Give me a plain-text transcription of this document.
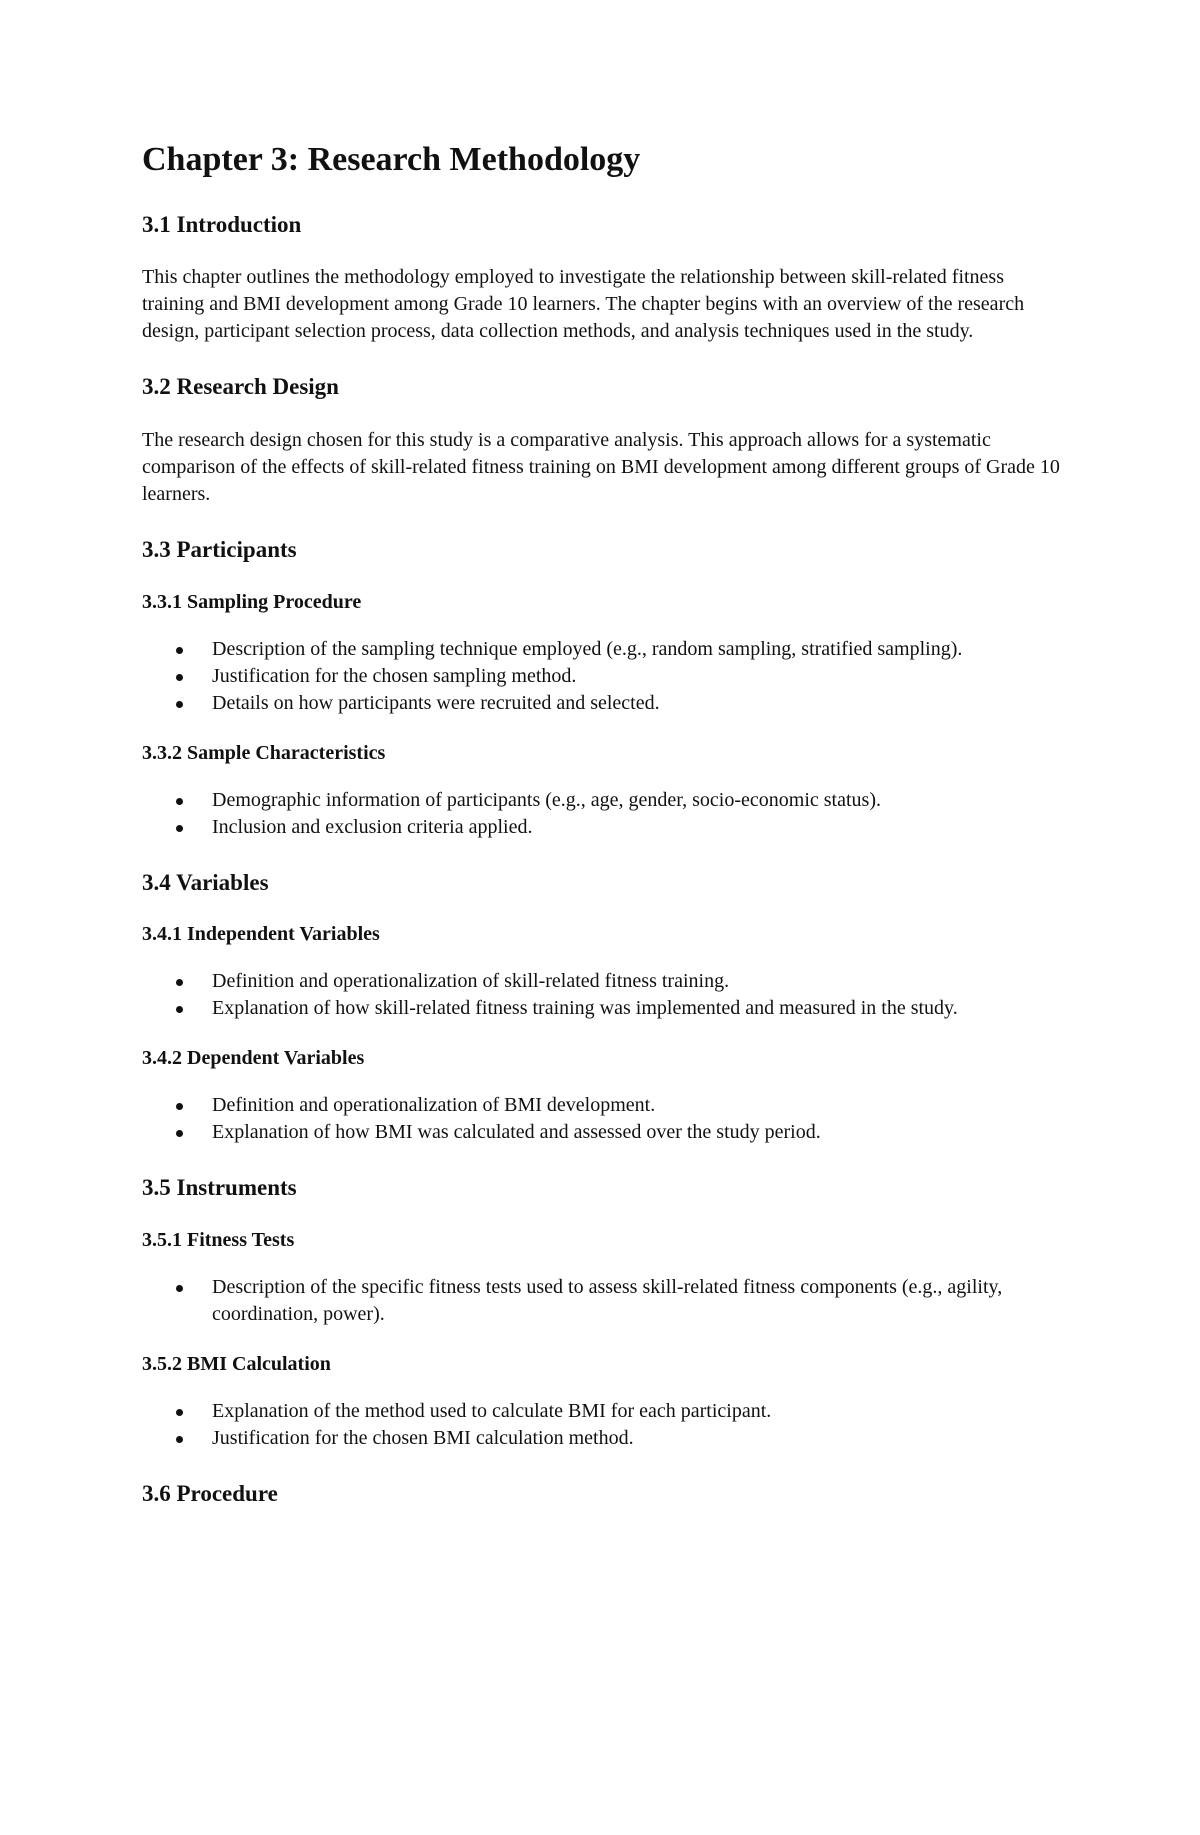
Chapter 3: Research Methodology
3.1 Introduction

This chapter outlines the methodology employed to investigate the relationship between skill-related fitness training and BMI development among Grade 10 learners. The chapter begins with an overview of the research design, participant selection process, data collection methods, and analysis techniques used in the study.

3.2 Research Design

The research design chosen for this study is a comparative analysis. This approach allows for a systematic comparison of the effects of skill-related fitness training on BMI development among different groups of Grade 10 learners.

3.3 Participants
3.3.1 Sampling Procedure
Description of the sampling technique employed (e.g., random sampling, stratified sampling).
Justification for the chosen sampling method.
Details on how participants were recruited and selected.
3.3.2 Sample Characteristics
Demographic information of participants (e.g., age, gender, socio-economic status).
Inclusion and exclusion criteria applied.
3.4 Variables
3.4.1 Independent Variables
Definition and operationalization of skill-related fitness training.
Explanation of how skill-related fitness training was implemented and measured in the study.
3.4.2 Dependent Variables
Definition and operationalization of BMI development.
Explanation of how BMI was calculated and assessed over the study period.
3.5 Instruments
3.5.1 Fitness Tests
Description of the specific fitness tests used to assess skill-related fitness components (e.g., agility, coordination, power).
3.5.2 BMI Calculation
Explanation of the method used to calculate BMI for each participant.
Justification for the chosen BMI calculation method.
3.6 Procedure
